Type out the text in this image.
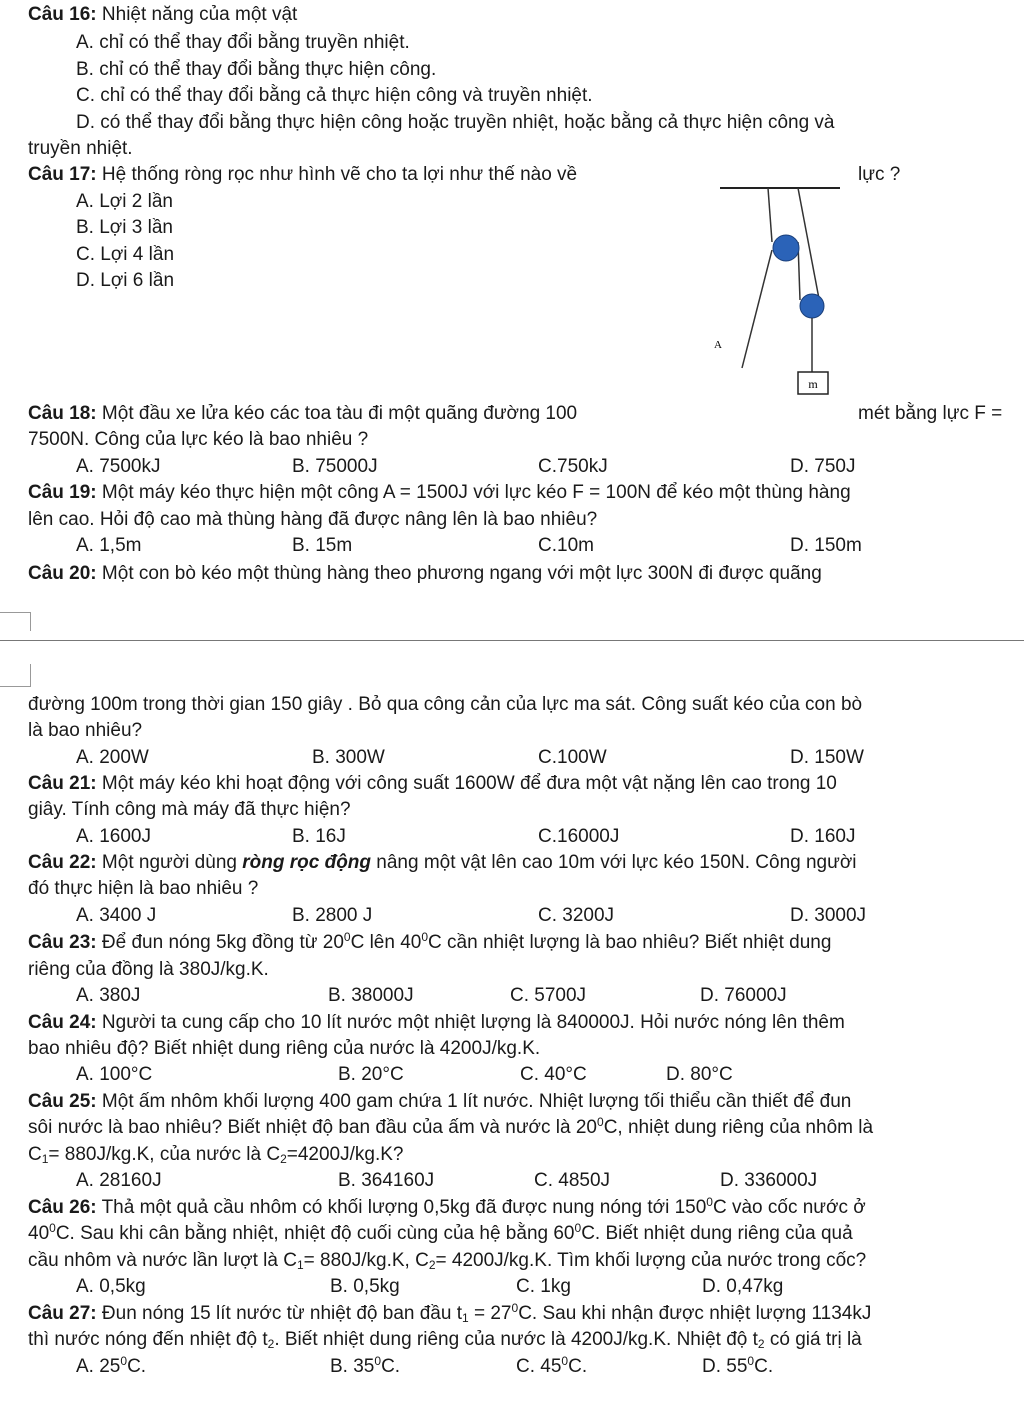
Câu 16: Nhiệt năng của một vật
A. chỉ có thể thay đổi bằng truyền nhiệt.
B. chỉ có thể thay đổi bằng thực hiện công.
C. chỉ có thể thay đổi bằng cả thực hiện công và truyền nhiệt.
D. có thể thay đổi bằng thực hiện công hoặc truyền nhiệt, hoặc bằng cả thực hiện công và
truyền nhiệt.
Câu 17: Hệ thống ròng rọc như hình vẽ cho ta lợi như thế nào về	lực ?
A. Lợi 2 lần
B. Lợi 3 lần
C. Lợi 4 lần
D. Lợi 6 lần
m
A
Câu 18: Một đầu xe lửa kéo các toa tàu đi một quãng đường 100	mét bằng lực F =
7500N. Công của lực kéo là bao nhiêu ?
A. 7500kJ	B. 75000J	C.750kJ	D. 750J
Câu 19: Một máy kéo thực hiện một công A = 1500J với lực kéo F = 100N để kéo một thùng hàng
lên cao. Hỏi độ cao mà thùng hàng đã được nâng lên là bao nhiêu?
A. 1,5m	B. 15m	C.10m	D. 150m
Câu 20: Một con bò kéo một thùng hàng theo phương ngang với một lực 300N đi được quãng
đường 100m trong thời gian 150 giây . Bỏ qua công cản của lực ma sát. Công suất kéo của con bò
là bao nhiêu?
A. 200W	B. 300W	C.100W	D. 150W
Câu 21: Một máy kéo khi hoạt động với công suất 1600W để đưa một vật nặng lên cao trong 10
giây. Tính công mà máy đã thực hiện?
A. 1600J	B. 16J	C.16000J	D. 160J
Câu 22: Một người dùng ròng rọc động nâng một vật lên cao 10m với lực kéo 150N. Công người
đó thực hiện là bao nhiêu ?
A. 3400 J	B. 2800 J	C. 3200J	D. 3000J
Câu 23: Để đun nóng 5kg đồng từ $20^0C$ lên $40^0C$ cần nhiệt lượng là bao nhiêu? Biết nhiệt dung
riêng của đồng là 380J/kg.K.
A. 380J	B. 38000J	C. 5700J	D. 76000J
Câu 24: Người ta cung cấp cho 10 lít nước một nhiệt lượng là 840000J. Hỏi nước nóng lên thêm
bao nhiêu độ? Biết nhiệt dung riêng của nước là 4200J/kg.K.
A. 100°C	B. 20°C	C. 40°C	D. 80°C
Câu 25: Một ấm nhôm khối lượng 400 gam chứa 1 lít nước. Nhiệt lượng tối thiểu cần thiết để đun
sôi nước là bao nhiêu? Biết nhiệt độ ban đầu của ấm và nước là $20^0C$, nhiệt dung riêng của nhôm là
$C_1= 880J/kg.K$, của nước là $C_2=4200J/kg.K$?
A. 28160J	B. 364160J	C. 4850J	D. 336000J
Câu 26: Thả một quả cầu nhôm có khối lượng 0,5kg đã được nung nóng tới $150^0C$ vào cốc nước ở
$40^0C$. Sau khi cân bằng nhiệt, nhiệt độ cuối cùng của hệ bằng $60^0C$. Biết nhiệt dung riêng của quả
cầu nhôm và nước lần lượt là $C_1= 880J/kg.K$, $C_2= 4200J/kg.K$. Tìm khối lượng của nước trong cốc?
A. 0,5kg	B. 0,5kg	C. 1kg	D. 0,47kg
Câu 27: Đun nóng 15 lít nước từ nhiệt độ ban đầu $t_1 = 27^0C$. Sau khi nhận được nhiệt lượng 1134kJ
thì nước nóng đến nhiệt độ $t_2$. Biết nhiệt dung riêng của nước là 4200J/kg.K. Nhiệt độ $t_2$ có giá trị là
A. $25^0C$.	B. $35^0C$.	C. $45^0C$.	D. $55^0C$.
